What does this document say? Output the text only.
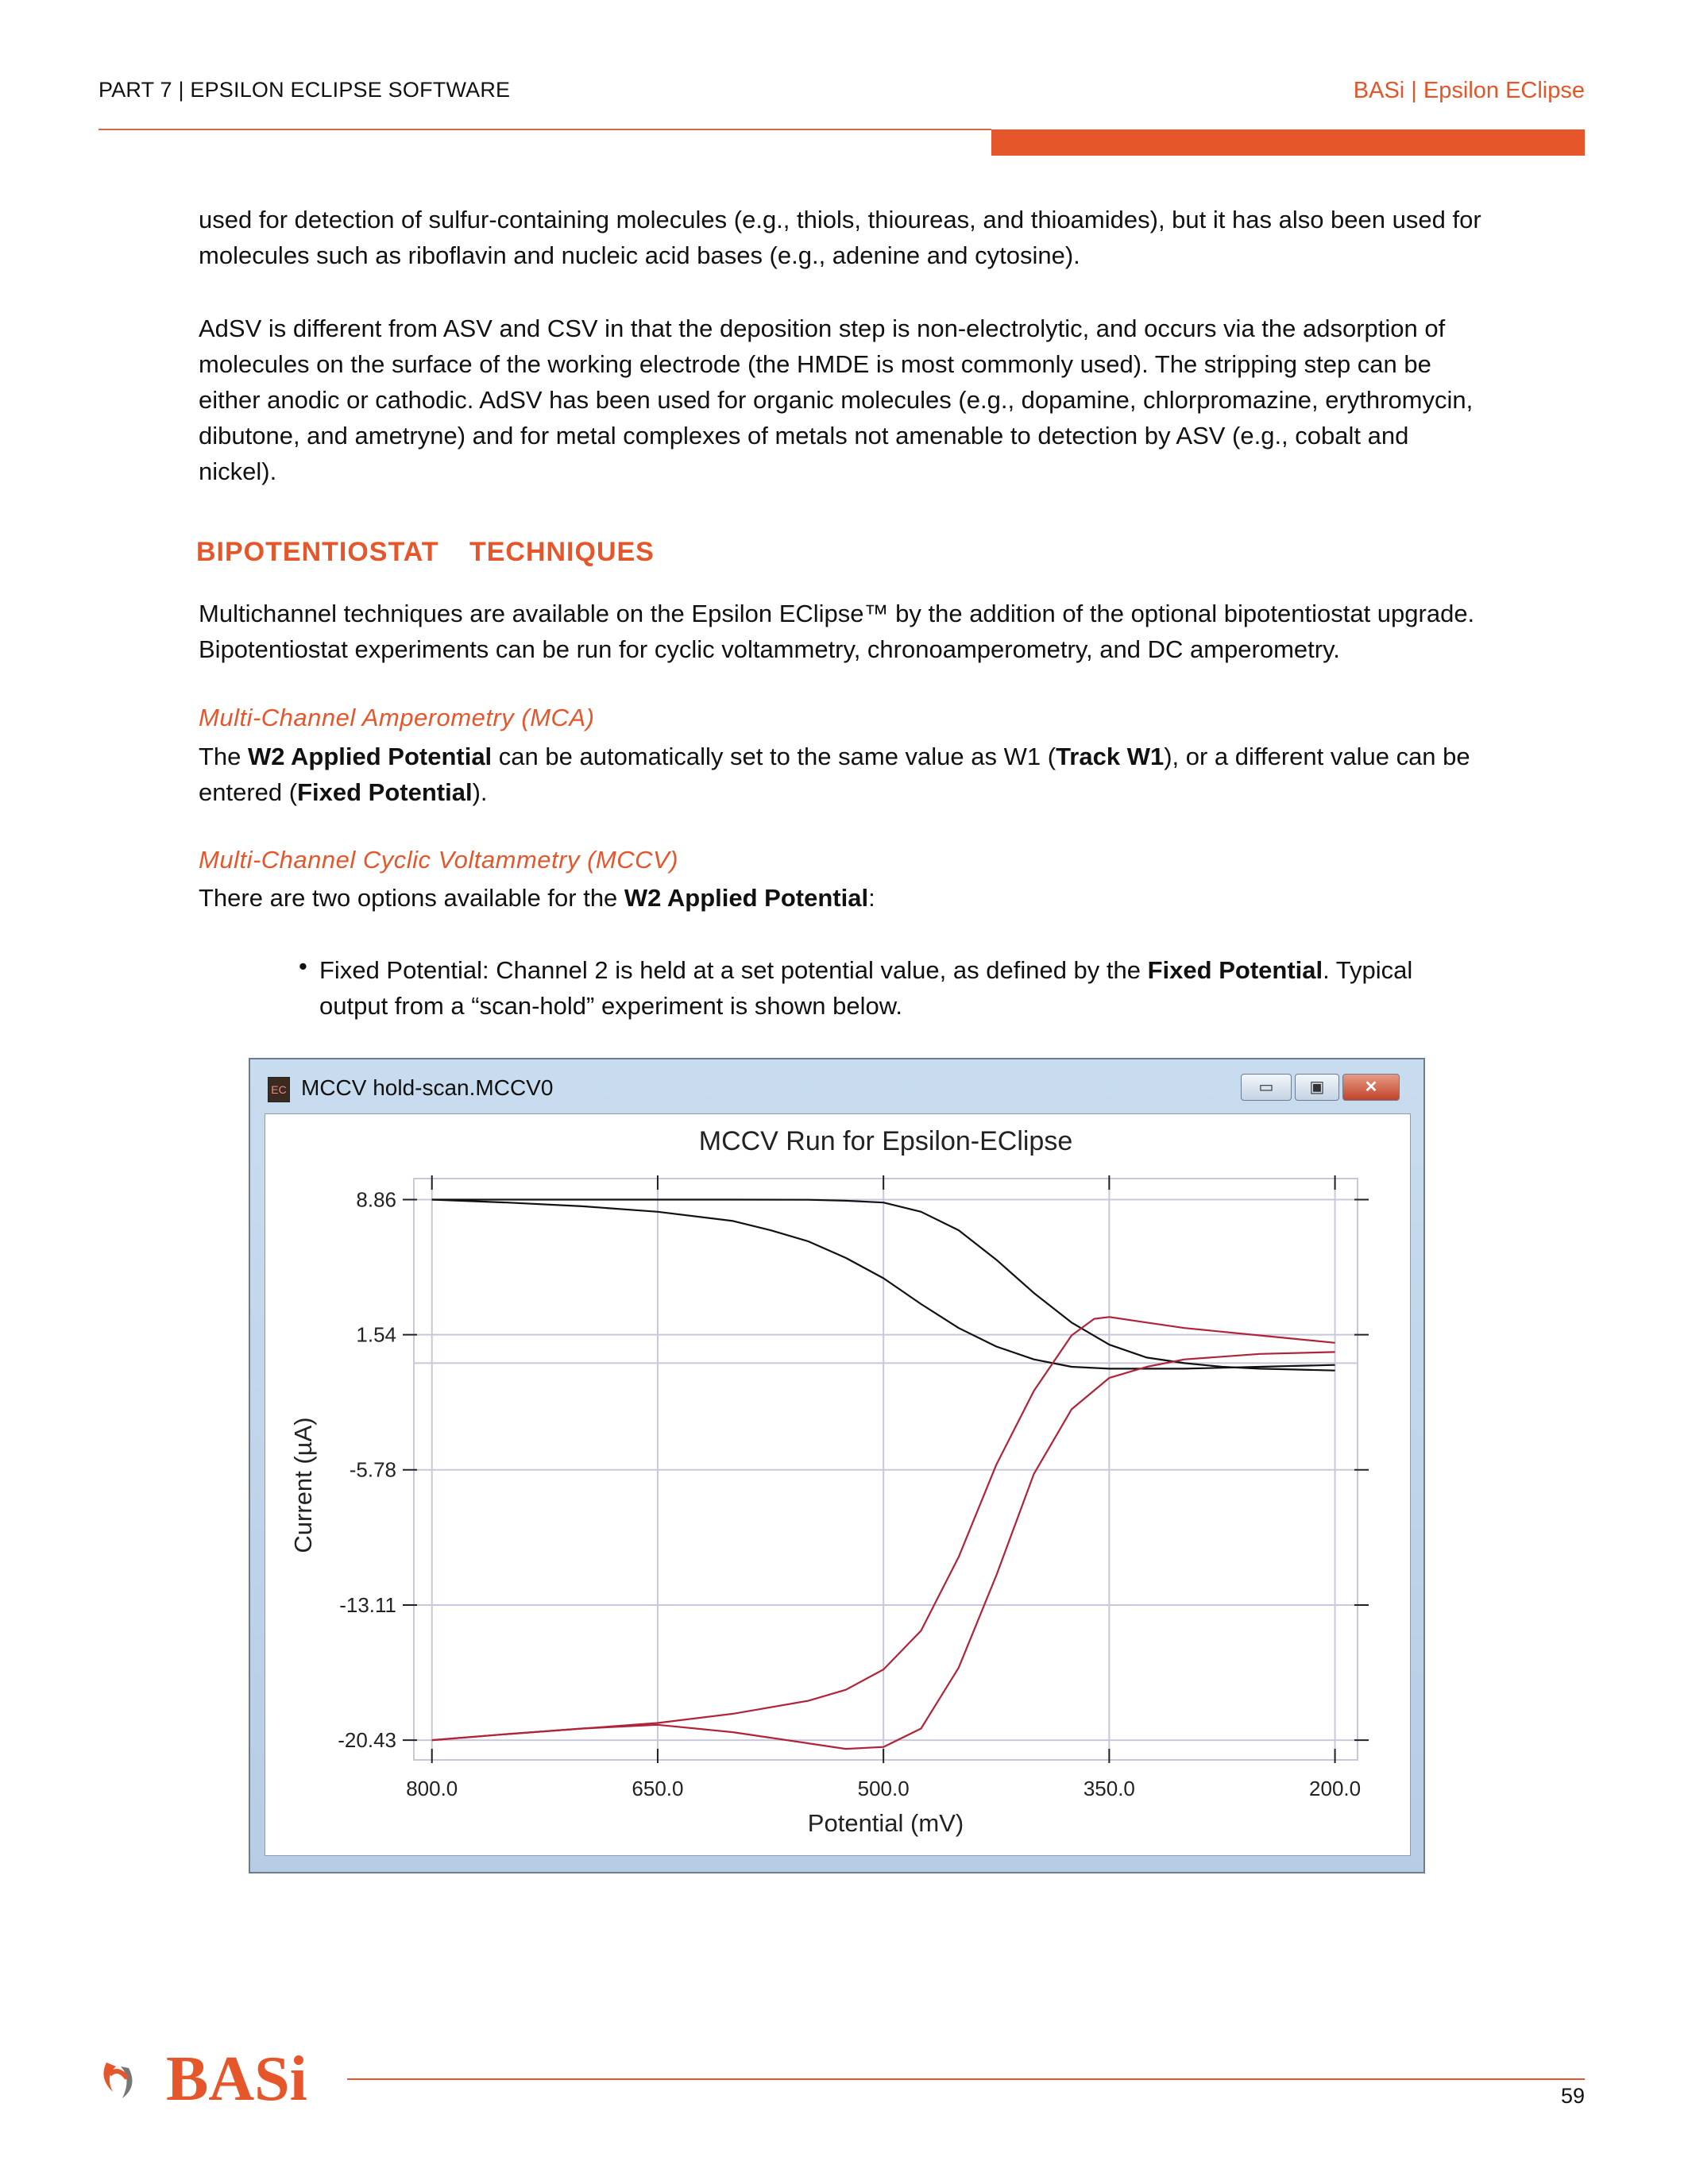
PART 7 | EPSILON ECLIPSE SOFTWARE	BASi | Epsilon EClipse
used for detection of sulfur-containing molecules (e.g., thiols, thioureas, and thioamides), but it has also been used for molecules such as riboflavin and nucleic acid bases (e.g., adenine and cytosine).
AdSV is different from ASV and CSV in that the deposition step is non-electrolytic, and occurs via the adsorption of molecules on the surface of the working electrode (the HMDE is most commonly used). The stripping step can be either anodic or cathodic. AdSV has been used for organic molecules (e.g., dopamine, chlorpromazine, erythromycin, dibutone, and ametryne) and for metal complexes of metals not amenable to detection by ASV (e.g., cobalt and nickel).
BIPOTENTIOSTAT TECHNIQUES
Multichannel techniques are available on the Epsilon EClipse™ by the addition of the optional bipotentiostat upgrade. Bipotentiostat experiments can be run for cyclic voltammetry, chronoamperometry, and DC amperometry.
Multi-Channel Amperometry (MCA)
The W2 Applied Potential can be automatically set to the same value as W1 (Track W1), or a different value can be entered (Fixed Potential).
Multi-Channel Cyclic Voltammetry (MCCV)
There are two options available for the W2 Applied Potential:
• Fixed Potential: Channel 2 is held at a set potential value, as defined by the Fixed Potential. Typical output from a “scan-hold” experiment is shown below.
EC MCCV hold-scan.MCCV0	▭	▣	✕
800.0	650.0	500.0	350.0	200.0
8.86
1.54
-5.78
-13.11
-20.43
MCCV Run for Epsilon-EClipse
Potential (mV)
Current (µA)
BASi	59
